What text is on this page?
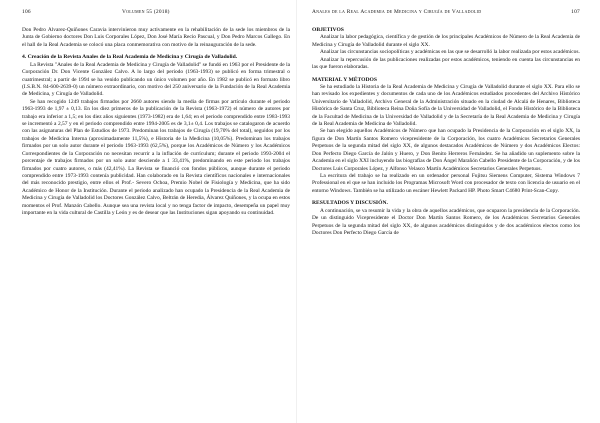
106	Volumen 55 (2018)

Don Pedro Álvarez-Quiñones Caravia intervinieron muy activamente en la rehabilitación de la sede los miembros de la Junta de Gobierno doctores Don Luis Corporales López, Don José María Recio Pascual, y Don Pedro Marcos Gallego. En el hall de la Real Academia se colocó una placa conmemorativa con motivo de la reinauguración de la sede.

4. Creación de la Revista Anales de la Real Academia de Medicina y Cirugía de Valladolid.

La Revista "Anales de la Real Academia de Medicina y Cirugía de Valladolid" se fundó en 1963 por el Presidente de la Corporación Dr. Don Vicente González Calvo. A lo largo del periodo (1963-1993) se publicó en forma trimestral o cuatrimestral; a partir de 1994 se ha venido publicando un único volumen por año. En 1982 se publicó en formato libro (I.S.B.N. 84-600-2639-0) un número extraordinario, con motivo del 250 aniversario de la Fundación de la Real Academia de Medicina, y Cirugía de Valladolid.

Se han recogido 1249 trabajos firmados por 2660 autores siendo la media de firmas por artículo durante el periodo 1963-1993 de 1,97 ± 0,13. En los diez primeros de la publicación de la Revista (1963-1972) el número de autores por trabajo era inferior a 1,5; en los diez años siguientes (1973-1982) era de 1,64; en el periodo comprendido entre 1983-1993 se incrementó a 2,57 y en el periodo comprendido entre 1994-2005 es de 3,1± 0,4. Los trabajos se catalogaron de acuerdo con las asignaturas del Plan de Estudios de 1973. Predominan los trabajos de Cirugía (19,70% del total), seguidos por los trabajos de Medicina Interna (aproximadamente 11,5%), e Historia de la Medicina (10,05%). Predominan los trabajos firmados por un solo autor durante el periodo 1963-1993 (62,5%), porque los Académicos de Número y los Académicos Correspondientes de la Corporación no necesitan recurrir a la inflación de currículum; durante el periodo 1993-2004 el porcentaje de trabajos firmados por un solo autor desciende a 1 33,41%, predominando en este periodo los trabajos firmados por cuatro autores, o más (42,41%). La Revista se financió con fondos públicos, aunque durante el periodo comprendido entre 1973-1993 contenía publicidad. Han colaborado en la Revista científicos nacionales e internacionales del más reconocido prestigio, entre ellos el Prof.- Severo Ochoa, Premio Nobel de Fisiología y Medicina, que ha sido Académico de Honor de la Institución. Durante el periodo analizado han ocupado la Presidencia de la Real Academia de Medicina y Cirugía de Valladolid los Doctores González Calvo, Beltrán de Heredia, Álvarez Quiñones, y la ocupa en estos momentos el Prof. Manzón Cabello. Aunque sea una revista local y no tenga factor de impacto, desempeña un papel muy importante en la vida cultural de Castilla y León y es de desear que las Instituciones sigan apoyando su continuidad.

Anales de la Real Academia de Medicina y Cirugía de Valladolid	107
OBJETIVOS

Analizar la labor pedagógica, científica y de gestión de los principales Académicos de Número de la Real Academia de Medicina y Cirugía de Valladolid durante el siglo XX.

Analizar las circunstancias sociopolíticas y académicas en las que se desarrolló la labor realizada por estos académicos.

Analizar la repercusión de las publicaciones realizadas por estos académicos, teniendo en cuenta las circunstancias en las que fueron elaboradas.

MATERIAL Y MÉTODOS

Se ha estudiado la Historia de la Real Academia de Medicina y Cirugía de Valladolid durante el siglo XX. Para ello se han revisado los expedientes y documentos de cada uno de los Académicos estudiados procedentes del Archivo Histórico Universitario de Valladolid, Archivo General de la Administración situado en la ciudad de Alcalá de Henares, Biblioteca Histórica de Santa Cruz, Biblioteca Reina Doña Sofía de la Universidad de Valladolid, el Fondo Histórico de la Biblioteca de la Facultad de Medicina de la Universidad de Valladolid y de la Secretaría de la Real Academia de Medicina y Cirugía de la Real Academia de Medicina de Valladolid.

Se han elegido aquellos Académicos de Número que han ocupado la Presidencia de la Corporación en el siglo XX, la figura de Don Martín Santos Romero vicepresidente de la Corporación, los cuatro Académicos Secretarios Generales Perpetuos de la segunda mitad del siglo XX, de algunos destacados Académicos de Número y dos Académicos Electos: Don Perfecto Diego García de Jalón y Huero, y Don Benito Herreros Fernández. Se ha añadido un suplemento sobre la Academia en el siglo XXI incluyendo las biografías de Don Ángel Marañón Cabello Presidente de la Corporación, y de los Doctores Luis Corporales López, y Alfonso Velasco Martín Académicos Secretarios Generales Perpetuos.

La escritura del trabajo se ha realizado en un ordenador personal Fujitsu Siemens Computer, Sistema Windows 7 Professional en el que se han incluido los Programas Microsoft Word con procesador de texto con licencia de usuario en el entorno Windows. También se ha utilizado un escáner Hewlett Packard HP. Photo Smart C4680 Print-Scan-Copy.

RESULTADOS Y DISCUSIÓN.

A continuación, se va resumir la vida y la obra de aquellos académicos, que ocuparon la presidencia de la Corporación. De un distinguido Vicepresidente el Doctor Don Martín Santos Romero, de los Académicos Secretarios Generales Perpetuos de la segunda mitad del siglo XX, de algunos académicos distinguidos y de dos académicos electos como los Doctores Don Perfecto Diego García de
